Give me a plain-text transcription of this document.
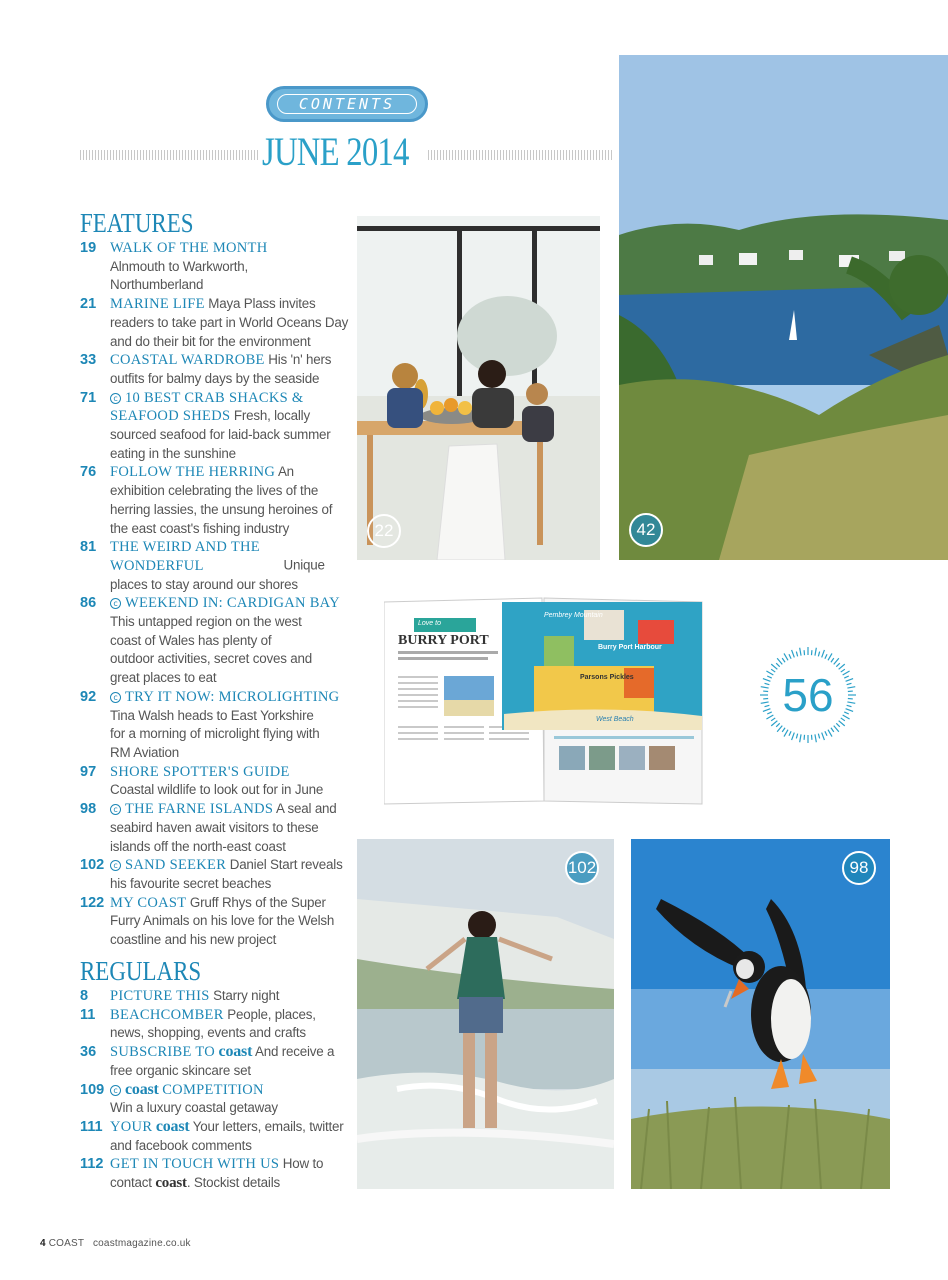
CONTENTS
JUNE 2014
FEATURES
19 WALK OF THE MONTH
Alnmouth to Warkworth, Northumberland
21 MARINE LIFE Maya Plass invites readers to take part in World Oceans Day and do their bit for the environment
33 COASTAL WARDROBE His 'n' hers outfits for balmy days by the seaside
71	c 10 BEST CRAB SHACKS & SEAFOOD SHEDS Fresh, locally sourced seafood for laid-back summer eating in the sunshine
76 FOLLOW THE HERRING An exhibition celebrating the lives of the herring lassies, the unsung heroines of the east coast's fishing industry
81 THE WEIRD AND THE WONDERFUL	Unique places to stay around our shores
86	c WEEKEND IN: CARDIGAN BAY
This untapped region on the west coast of Wales has plenty of outdoor activities, secret coves and great places to eat
92	c TRY IT NOW: MICROLIGHTING
Tina Walsh heads to East Yorkshire for a morning of microlight flying with RM Aviation
97 SHORE SPOTTER'S GUIDE
Coastal wildlife to look out for in June
98	c THE FARNE ISLANDS A seal and seabird haven await visitors to these islands off the north-east coast
102	c SAND SEEKER Daniel Start reveals his favourite secret beaches
122 MY COAST Gruff Rhys of the Super Furry Animals on his love for the Welsh coastline and his new project
REGULARS
8	PICTURE THIS Starry night
11	BEACHCOMBER People, places, news, shopping, events and crafts
36 SUBSCRIBE TO coast And receive a free organic skincare set
109	c coast COMPETITION
Win a luxury coastal getaway
111 YOUR coast Your letters, emails, twitter and facebook comments
112 GET IN TOUCH WITH US How to contact coast. Stockist details
22	42
Love to
BURRY PORT
Pembrey Mountain
Burry Port Harbour
Parsons Pickles
West Beach	56
102	98
4 COAST coastmagazine.co.uk
